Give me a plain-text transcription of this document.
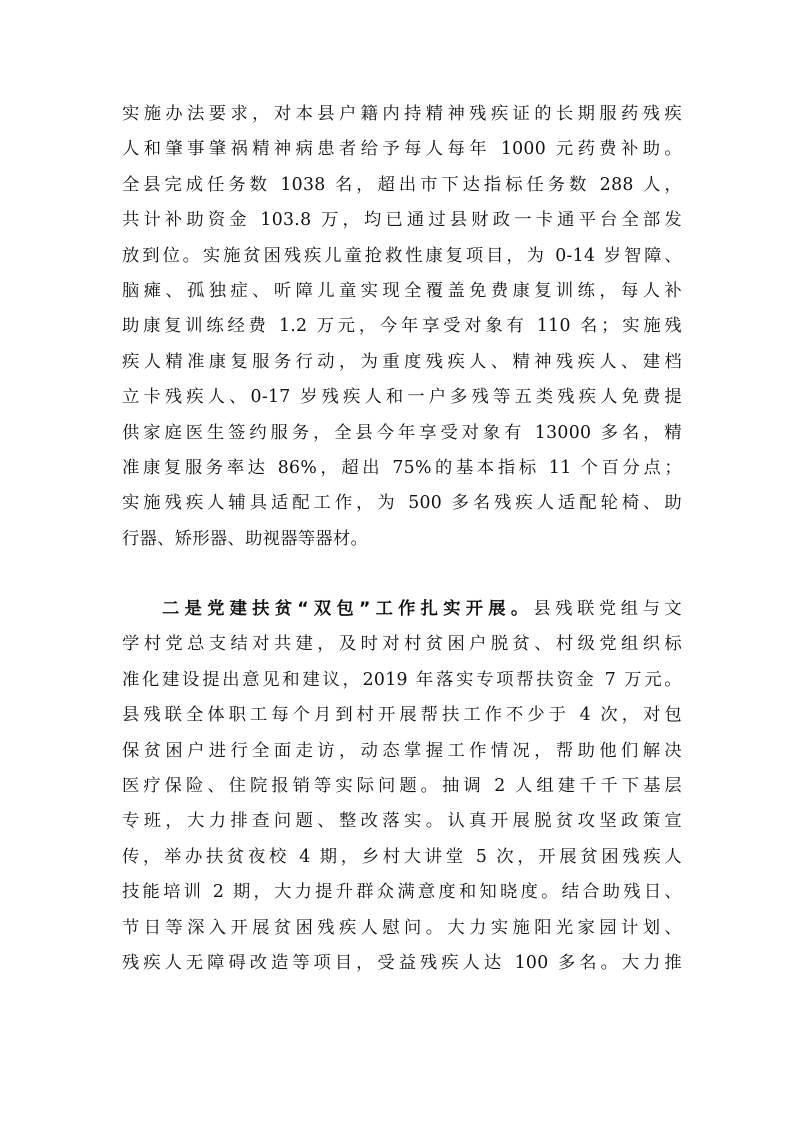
实施办法要求，对本县户籍内持精神残疾证的长期服药残疾
人和肇事肇祸精神病患者给予每人每年 1000 元药费补助。
全县完成任务数 1038 名，超出市下达指标任务数 288 人，
共计补助资金 103.8 万，均已通过县财政一卡通平台全部发
放到位。实施贫困残疾儿童抢救性康复项目，为 0-14 岁智障、
脑瘫、孤独症、听障儿童实现全覆盖免费康复训练，每人补
助康复训练经费 1.2 万元，今年享受对象有 110 名；实施残
疾人精准康复服务行动，为重度残疾人、精神残疾人、建档
立卡残疾人、0-17 岁残疾人和一户多残等五类残疾人免费提
供家庭医生签约服务，全县今年享受对象有 13000 多名，精
准康复服务率达 86%，超出 75%的基本指标 11 个百分点；
实施残疾人辅具适配工作，为 500 多名残疾人适配轮椅、助
行器、矫形器、助视器等器材。
二是党建扶贫“双包”工作扎实开展。县残联党组与文
学村党总支结对共建，及时对村贫困户脱贫、村级党组织标
准化建设提出意见和建议，2019 年落实专项帮扶资金 7 万元。
县残联全体职工每个月到村开展帮扶工作不少于 4 次，对包
保贫困户进行全面走访，动态掌握工作情况，帮助他们解决
医疗保险、住院报销等实际问题。抽调 2 人组建千千下基层
专班，大力排查问题、整改落实。认真开展脱贫攻坚政策宣
传，举办扶贫夜校 4 期，乡村大讲堂 5 次，开展贫困残疾人
技能培训 2 期，大力提升群众满意度和知晓度。结合助残日、
节日等深入开展贫困残疾人慰问。大力实施阳光家园计划、
残疾人无障碍改造等项目，受益残疾人达 100 多名。大力推
